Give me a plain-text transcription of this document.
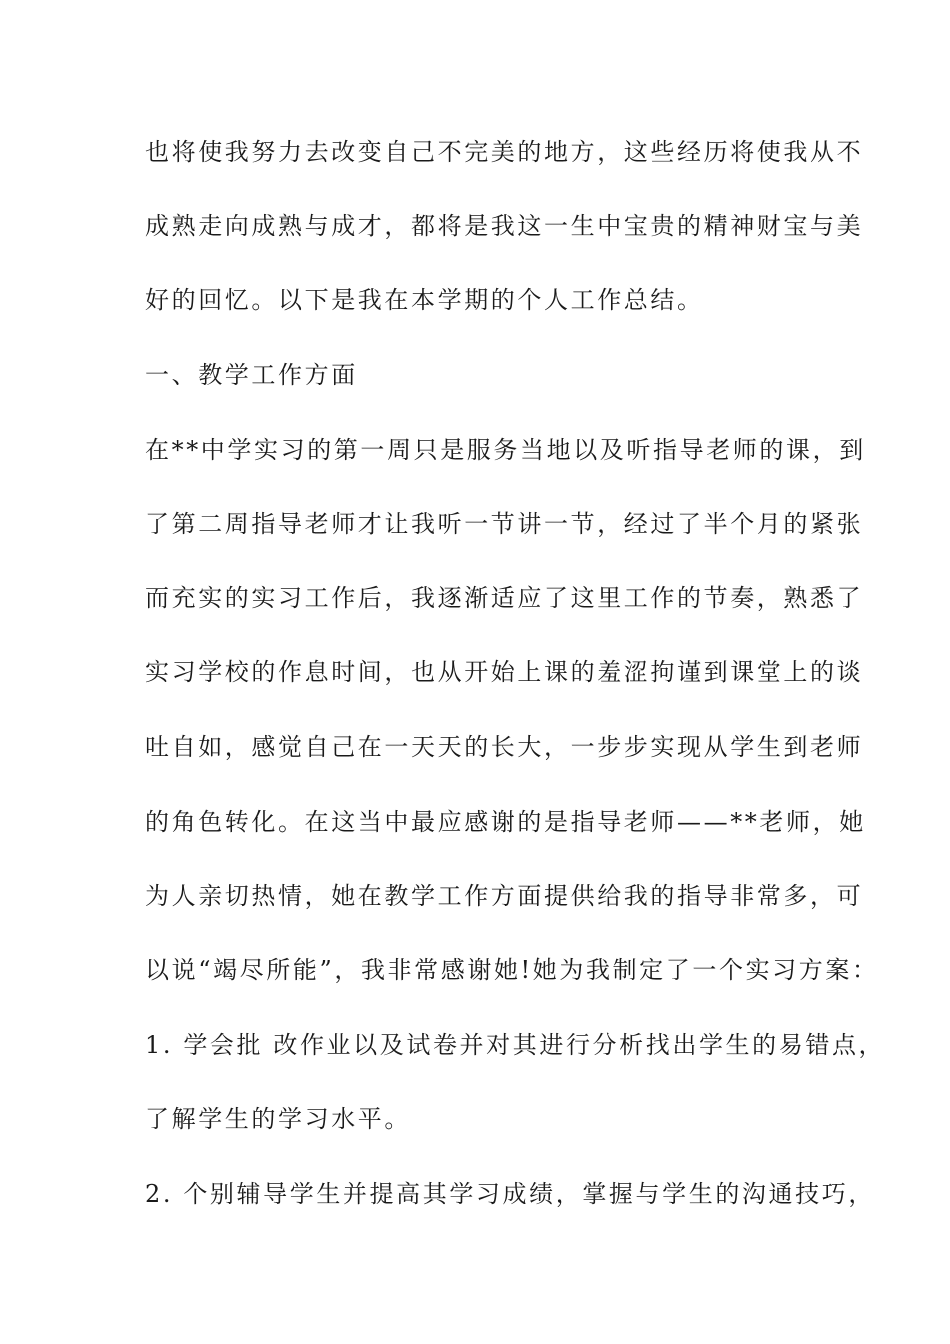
也将使我努力去改变自己不完美的地方，这些经历将使我从不
成熟走向成熟与成才，都将是我这一生中宝贵的精神财宝与美
好的回忆。以下是我在本学期的个人工作总结。
一、教学工作方面
在**中学实习的第一周只是服务当地以及听指导老师的课，到
了第二周指导老师才让我听一节讲一节，经过了半个月的紧张
而充实的实习工作后，我逐渐适应了这里工作的节奏，熟悉了
实习学校的作息时间，也从开始上课的羞涩拘谨到课堂上的谈
吐自如，感觉自己在一天天的长大，一步步实现从学生到老师
的角色转化。在这当中最应感谢的是指导老师——**老师，她
为人亲切热情，她在教学工作方面提供给我的指导非常多，可
以说“竭尽所能”，我非常感谢她!她为我制定了一个实习方案：
1. 学会批 改作业以及试卷并对其进行分析找出学生的易错点，
了解学生的学习水平。
2. 个别辅导学生并提高其学习成绩，掌握与学生的沟通技巧，
